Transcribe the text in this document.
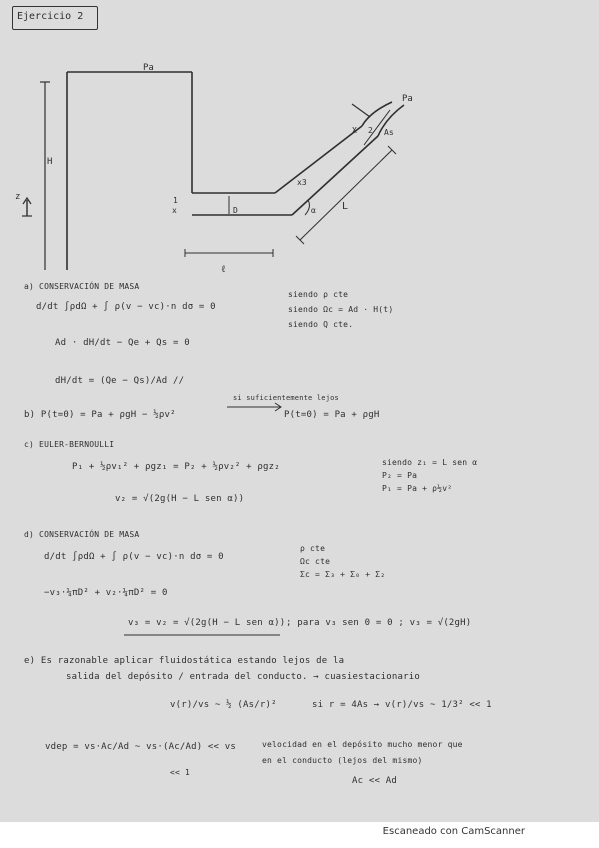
Ejercicio 2
Pa
Pa
H
z	1
x	D
x3
L
ℓ
X 2 As
α
a) CONSERVACIÓN DE MASA
d/dt ∫ρdΩ + ∫ ρ(v − vc)·n dσ = 0
siendo ρ cte
siendo Ωc = Ad · H(t)
siendo Q cte.
Ad · dH/dt − Qe + Qs = 0
dH/dt = (Qe − Qs)/Ad //
b) P(t=0) = Pa + ρgH − ½ρv²
si suficientemente lejos
P(t=0) = Pa + ρgH
c) EULER-BERNOULLI
P₁ + ½ρv₁² + ρgz₁ = P₂ + ½ρv₂² + ρgz₂	siendo z₁ = L sen α
P₂ = Pa
P₁ = Pa + ρ½v²
v₂ = √(2g(H − L sen α))
d) CONSERVACIÓN DE MASA
d/dt ∫ρdΩ + ∫ ρ(v − vc)·n dσ = 0
ρ cte
Ωc cte
Σc = Σ₃ + Σ₀ + Σ₂
−v₃·¼πD² + v₂·¼πD² = 0
v₃ = v₂ = √(2g(H − L sen α)) ; para v₃ sen 0 = 0 ; v₃ = √(2gH)
e) Es razonable aplicar fluidostática estando lejos de la
salida del depósito / entrada del conducto. → cuasiestacionario
v(r)/vs ~ ½ (As/r)²	si r = 4As → v(r)/vs ~ 1/3² << 1
vdep = vs·Ac/Ad ~ vs·(Ac/Ad) << vs
<< 1
velocidad en el depósito mucho menor que
en el conducto (lejos del mismo)
Ac << Ad
Escaneado con CamScanner
